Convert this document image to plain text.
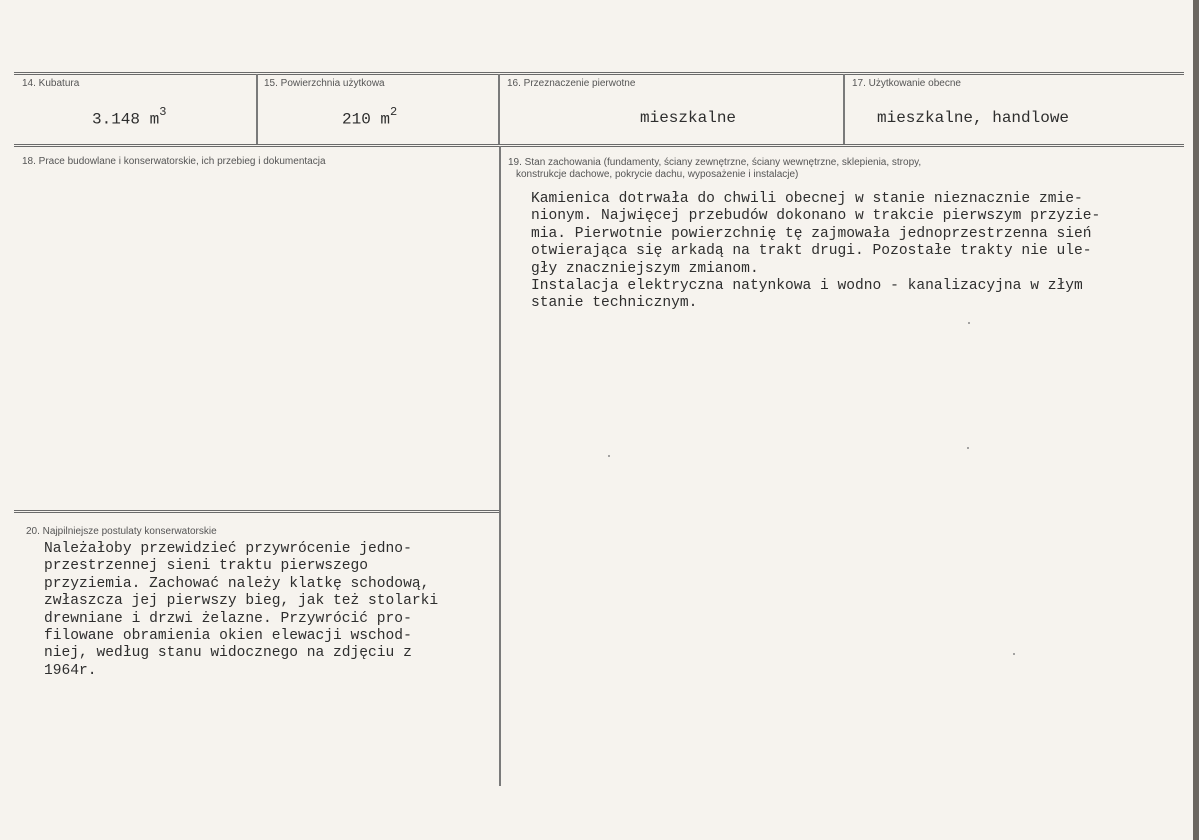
14. Kubatura
3.148 $m^3$
15. Powierzchnia użytkowa
210 $m^2$
16. Przeznaczenie pierwotne
mieszkalne
17. Użytkowanie obecne
mieszkalne, handlowe
18. Prace budowlane i konserwatorskie, ich przebieg i dokumentacja	19. Stan zachowania (fundamenty, ściany zewnętrzne, ściany wewnętrzne, sklepienia, stropy,
konstrukcje dachowe, pokrycie dachu, wyposażenie i instalacje)
Kamienica dotrwała do chwili obecnej w stanie nieznacznie zmie-
nionym. Najwięcej przebudów dokonano w trakcie pierwszym przyzie-
mia. Pierwotnie powierzchnię tę zajmowała jednoprzestrzenna sień
otwierająca się arkadą na trakt drugi. Pozostałe trakty nie ule-
gły znaczniejszym zmianom.
Instalacja elektryczna natynkowa i wodno - kanalizacyjna w złym
stanie technicznym.
20. Najpilniejsze postulaty konserwatorskie
Należałoby przewidzieć przywrócenie jedno-
przestrzennej sieni traktu pierwszego
przyziemia. Zachować należy klatkę schodową,
zwłaszcza jej pierwszy bieg, jak też stolarki
drewniane i drzwi żelazne. Przywrócić pro-
filowane obramienia okien elewacji wschod-
niej, według stanu widocznego na zdjęciu z
1964r.
